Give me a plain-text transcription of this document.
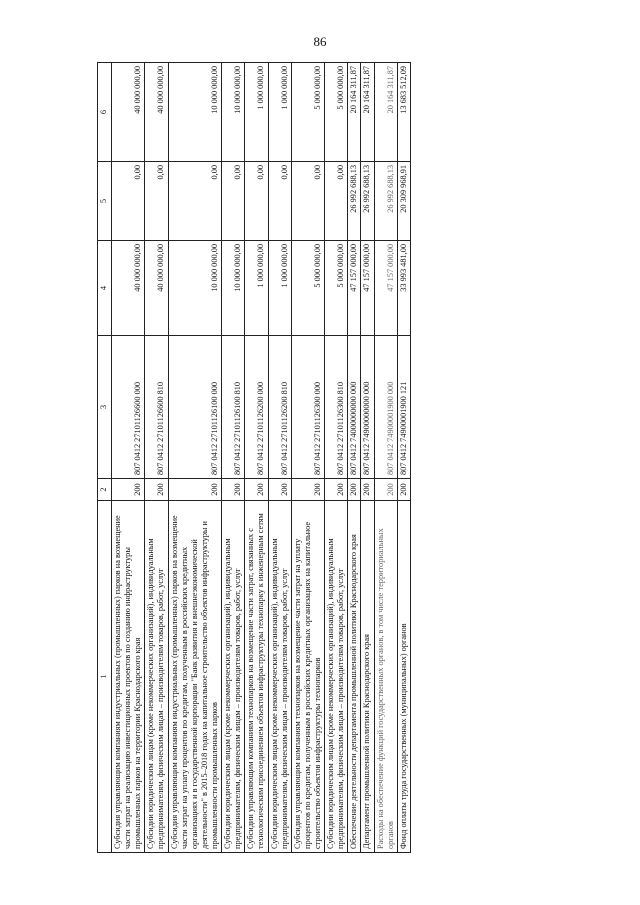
86
1	2	3	4	5	6
Субсидия управляющим компаниям индустриальных (промышленных) парков на возмещение части затрат на реализацию инвестиционных проектов по созданию инфраструктуры промышленных парков на территории Краснодарского края	200	807 0412 27101126600 000	40 000 000,00	0,00	40 000 000,00
Субсидии юридическим лицам (кроме некоммерческих организаций), индивидуальным предпринимателям, физическим лицам – производителям товаров, работ, услуг	200	807 0412 27101126600 810	40 000 000,00	0,00	40 000 000,00
Субсидия управляющим компаниям индустриальных (промышленных) парков на возмещение части затрат на уплату процентов по кредитам, полученным в российских кредитных организациях и в государственной корпорации "Банк развития и внешнеэкономической деятельности" в 2015–2018 годах на капитальное строительство объектов инфраструктуры и промышленности промышленных парков	200	807 0412 27101126100 000	10 000 000,00	0,00	10 000 000,00
Субсидии юридическим лицам (кроме некоммерческих организаций), индивидуальным предпринимателям, физическим лицам – производителям товаров, работ, услуг	200	807 0412 27101126100 810	10 000 000,00	0,00	10 000 000,00
Субсидии управляющим компаниям технопарков на возмещение части затрат, связанных с технологическим присоединением объектов инфраструктуры технопарку к инженерным сетям	200	807 0412 27101126200 000	1 000 000,00	0,00	1 000 000,00
Субсидии юридическим лицам (кроме некоммерческих организаций), индивидуальным предпринимателям, физическим лицам – производителям товаров, работ, услуг	200	807 0412 27101126200 810	1 000 000,00	0,00	1 000 000,00
Субсидия управляющим компаниям технопарков на возмещение части затрат на уплату процентов по кредитам, полученным в российских кредитных организациях на капитальное строительство объектов инфраструктуры технопарков	200	807 0412 27101126300 000	5 000 000,00	0,00	5 000 000,00
Субсидии юридическим лицам (кроме некоммерческих организаций), индивидуальным предпринимателям, физическим лицам – производителям товаров, работ, услуг	200	807 0412 27101126300 810	5 000 000,00	0,00	5 000 000,00
Обеспечение деятельности департамента промышленной политики Краснодарского края	200	807 0412 74000000000 000	47 157 000,00	26 992 688,13	20 164 311,87
Департамент промышленной политики Краснодарского края	200	807 0412 74900000000 000	47 157 000,00	26 992 688,13	20 164 311,87
Расходы на обеспечение функций государственных органов, в том числе территориальных органов	200	807 0412 74900001900 000	47 157 000,00	26 992 688,13	20 164 311,87
Фонд оплаты труда государственных (муниципальных) органов	200	807 0412 74900001900 121	33 993 481,00	20 309 968,91	13 683 512,09
